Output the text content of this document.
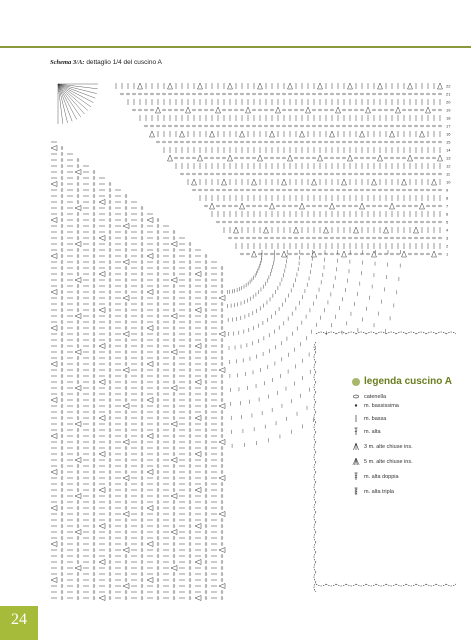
Schema 3/A: dettaglio 1/4 del cuscino A
22
21
20
19
18
17
16
15
14
13
12
11
10
9
8
7
6
5
4
3
2
1
legenda cuscino A
catenella
m. bassissima
m. bassa
m. alta
3 m. alte chiuse ins.
5 m. alte chiuse ins.
m. alta doppia
m. alta tripla
24
